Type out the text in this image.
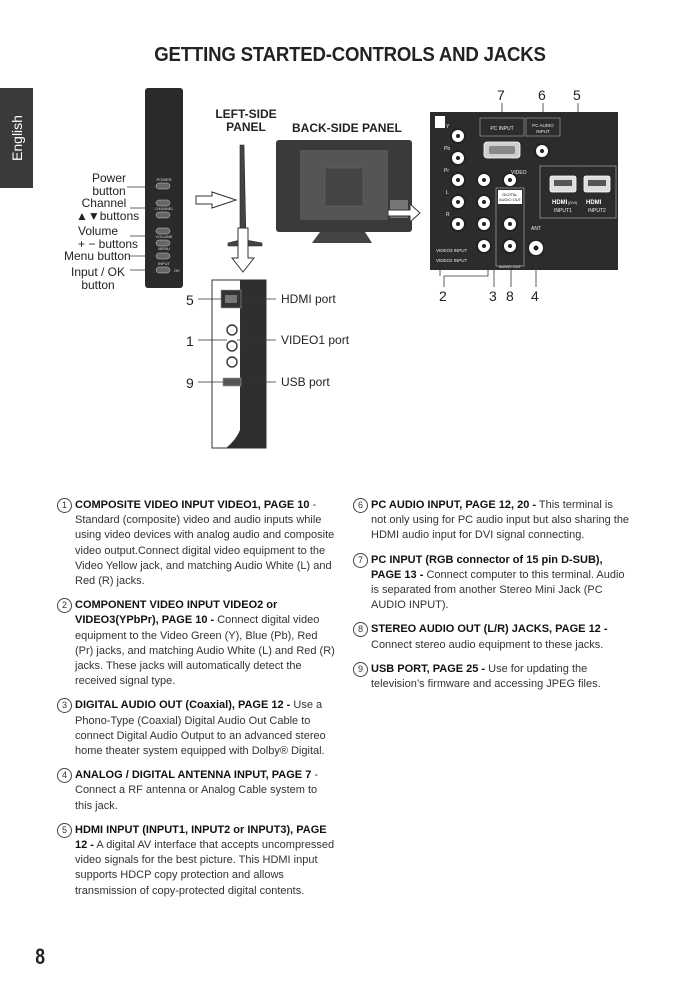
GETTING STARTED-CONTROLS AND JACKS
English
POWER
CHANNEL
VOLUME
MENU
INPUT
OK
VIDEO 1 INPUT
USB
PC INPUT
PC AUDIO
INPUT
DIGITAL
AUDIO OUT
VIDEO
Y
Pb
Pr
L
R
VIDEO3 INPUT
VIDEO2 INPUT
AUDIO OUT
ANT
HDMI (DVI) HDMI
INPUT1	INPUT2
LEFT-SIDE
PANEL	BACK-SIDE PANEL
Power
button
Channel
▲▼buttons
Volume
+ − buttons
Menu button
Input / OK
button
5
1
9
HDMI port
VIDEO1 port
USB port
7 6 5
2	3 8 4
1 COMPOSITE VIDEO INPUT VIDEO1, PAGE 10 - Standard (composite) video and audio inputs while using video devices with analog audio and composite video output.Connect digital video equipment to the Video Yellow jack, and matching Audio White (L) and Red (R) jacks.
2 COMPONENT VIDEO INPUT VIDEO2 or VIDEO3(YPbPr), PAGE 10 - Connect digital video equipment to the Video Green (Y), Blue (Pb), Red (Pr) jacks, and matching Audio White (L) and Red (R) jacks. These jacks will automatically detect the received signal type.
3 DIGITAL AUDIO OUT (Coaxial), PAGE 12 - Use a Phono-Type (Coaxial) Digital Audio Out Cable to connect Digital Audio Output to an advanced stereo home theater system equipped with Dolby® Digital.
4 ANALOG / DIGITAL ANTENNA INPUT, PAGE 7 - Connect a RF antenna or Analog Cable system to this jack.
5 HDMI INPUT (INPUT1, INPUT2 or INPUT3), PAGE 12 - A digital AV interface that accepts uncompressed video signals for the best picture. This HDMI input supports HDCP copy protection and allows transmission of copy-protected digital contents.
6 PC AUDIO INPUT, PAGE 12, 20 - This terminal is not only using for PC audio input but also sharing the HDMI audio input for DVI signal connecting.
7 PC INPUT (RGB connector of 15 pin D-SUB), PAGE 13 - Connect computer to this terminal. Audio is separated from another Stereo Mini Jack (PC AUDIO INPUT).
8 STEREO AUDIO OUT (L/R) JACKS, PAGE 12 - Connect stereo audio equipment to these jacks.
9 USB PORT, PAGE 25 - Use for updating the television’s firmware and accessing JPEG files.
8
